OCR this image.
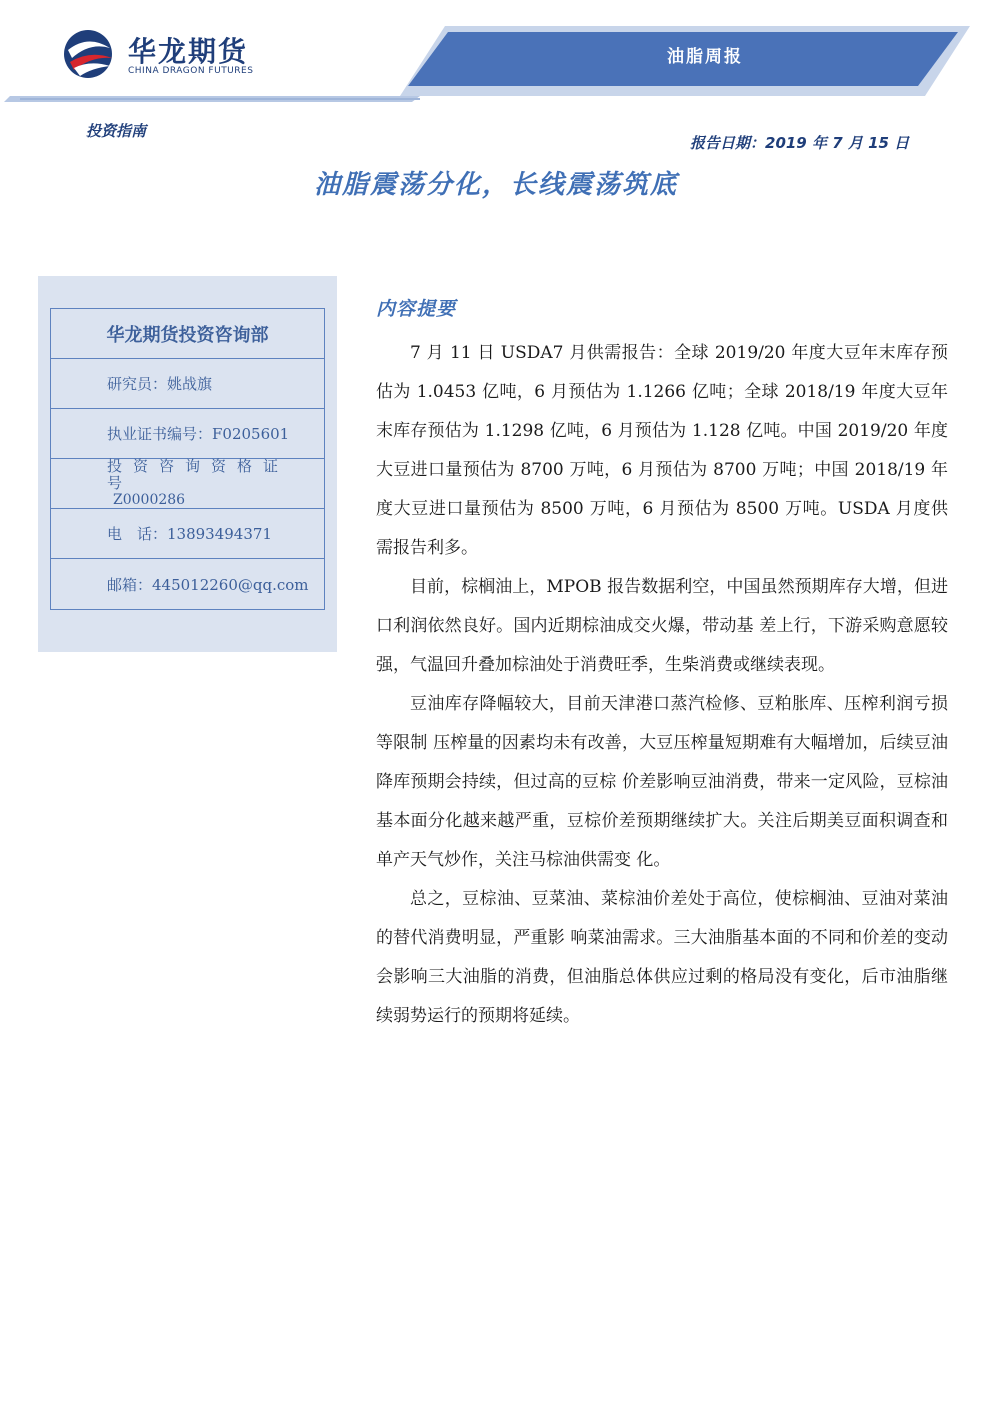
华龙期货
CHINA DRAGON FUTURES
油脂周报
投资指南
报告日期：2019 年 7 月 15 日
油脂震荡分化，长线震荡筑底
华龙期货投资咨询部
研究员：姚战旗
执业证书编号：F0205601
投资咨询资格证号
Z0000286
电　话：13893494371
邮箱：445012260@qq.com
内容提要

7 月 11 日 USDA7 月供需报告：全球 2019/20 年度大豆年末库存预估为 1.0453 亿吨，6 月预估为 1.1266 亿吨；全球 2018/19 年度大豆年末库存预估为 1.1298 亿吨，6 月预估为 1.128 亿吨。中国 2019/20 年度大豆进口量预估为 8700 万吨，6 月预估为 8700 万吨；中国 2018/19 年度大豆进口量预估为 8500 万吨，6 月预估为 8500 万吨。USDA 月度供需报告利多。

目前，棕榈油上，MPOB 报告数据利空，中国虽然预期库存大增，但进口利润依然良好。国内近期棕油成交火爆，带动基 差上行，下游采购意愿较强，气温回升叠加棕油处于消费旺季，生柴消费或继续表现。

豆油库存降幅较大，目前天津港口蒸汽检修、豆粕胀库、压榨利润亏损等限制 压榨量的因素均未有改善，大豆压榨量短期难有大幅增加，后续豆油降库预期会持续，但过高的豆棕 价差影响豆油消费，带来一定风险，豆棕油基本面分化越来越严重，豆棕价差预期继续扩大。关注后期美豆面积调查和单产天气炒作，关注马棕油供需变 化。

总之，豆棕油、豆菜油、菜棕油价差处于高位，使棕榈油、豆油对菜油的替代消费明显，严重影 响菜油需求。三大油脂基本面的不同和价差的变动会影响三大油脂的消费，但油脂总体供应过剩的格局没有变化，后市油脂继续弱势运行的预期将延续。
